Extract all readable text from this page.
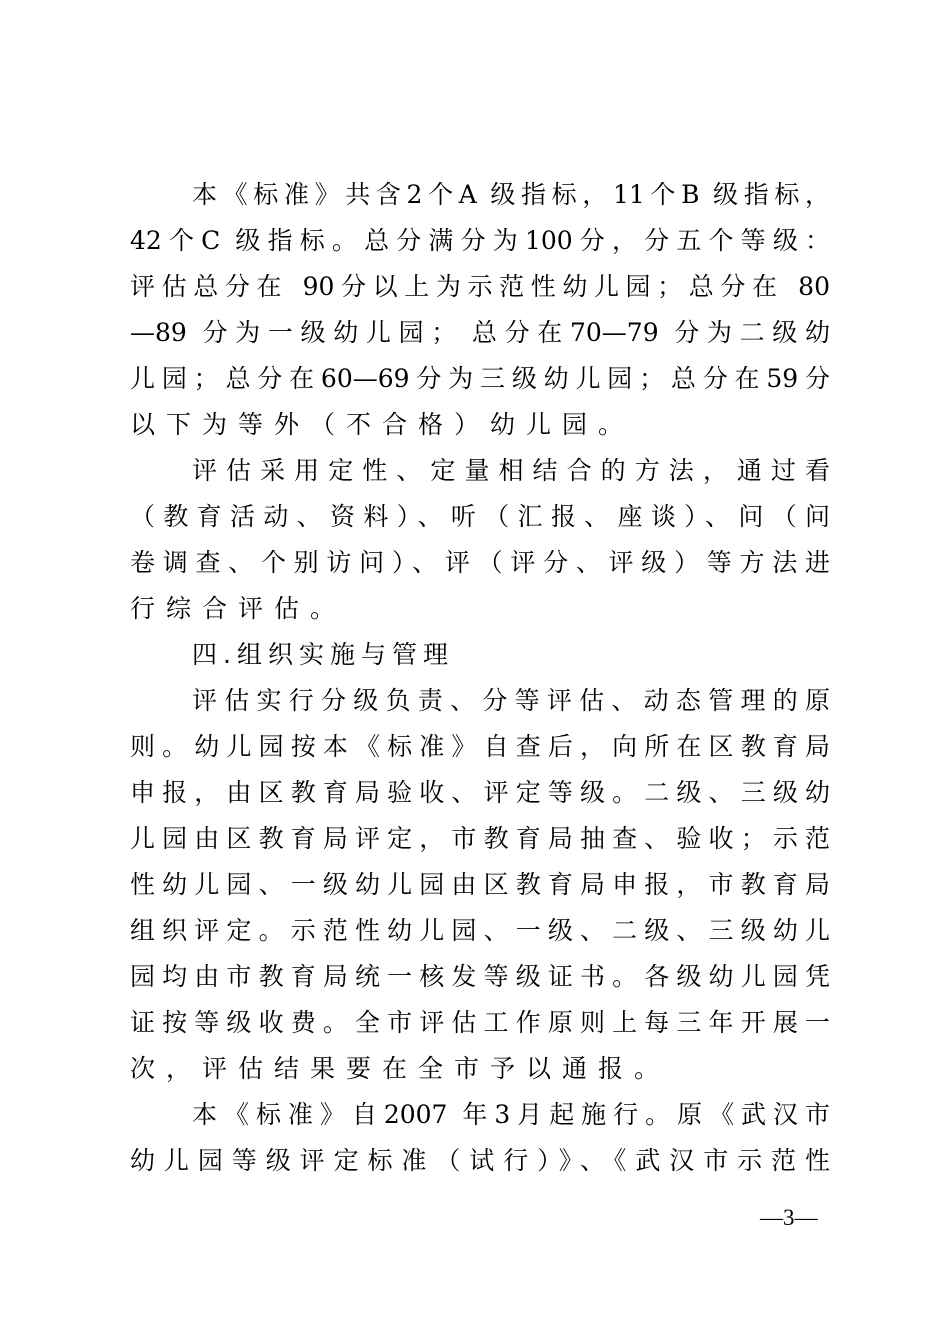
本《标准》共含2个A 级指标，11个B 级指标，
42个C 级指标。总分满分为100分，分五个等级：
评估总分在 90分以上为示范性幼儿园；总分在 80
—89 分为一级幼儿园； 总分在70—79 分为二级幼
儿园；总分在60—69分为三级幼儿园；总分在59分
以下为等外（不合格）幼儿园。
评估采用定性、定量相结合的方法，通过看
（教育活动、资料）、听（汇报、座谈）、问（问
卷调查、个别访问）、评（评分、评级）等方法进
行综合评估。
四.组织实施与管理
评估实行分级负责、分等评估、动态管理的原
则。幼儿园按本《标准》自查后，向所在区教育局
申报，由区教育局验收、评定等级。二级、三级幼
儿园由区教育局评定，市教育局抽查、验收；示范
性幼儿园、一级幼儿园由区教育局申报，市教育局
组织评定。示范性幼儿园、一级、二级、三级幼儿
园均由市教育局统一核发等级证书。各级幼儿园凭
证按等级收费。全市评估工作原则上每三年开展一
次，评估结果要在全市予以通报。
本《标准》自2007 年3月起施行。原《武汉市
幼儿园等级评定标准（试行）》、《武汉市示范性
—3—
